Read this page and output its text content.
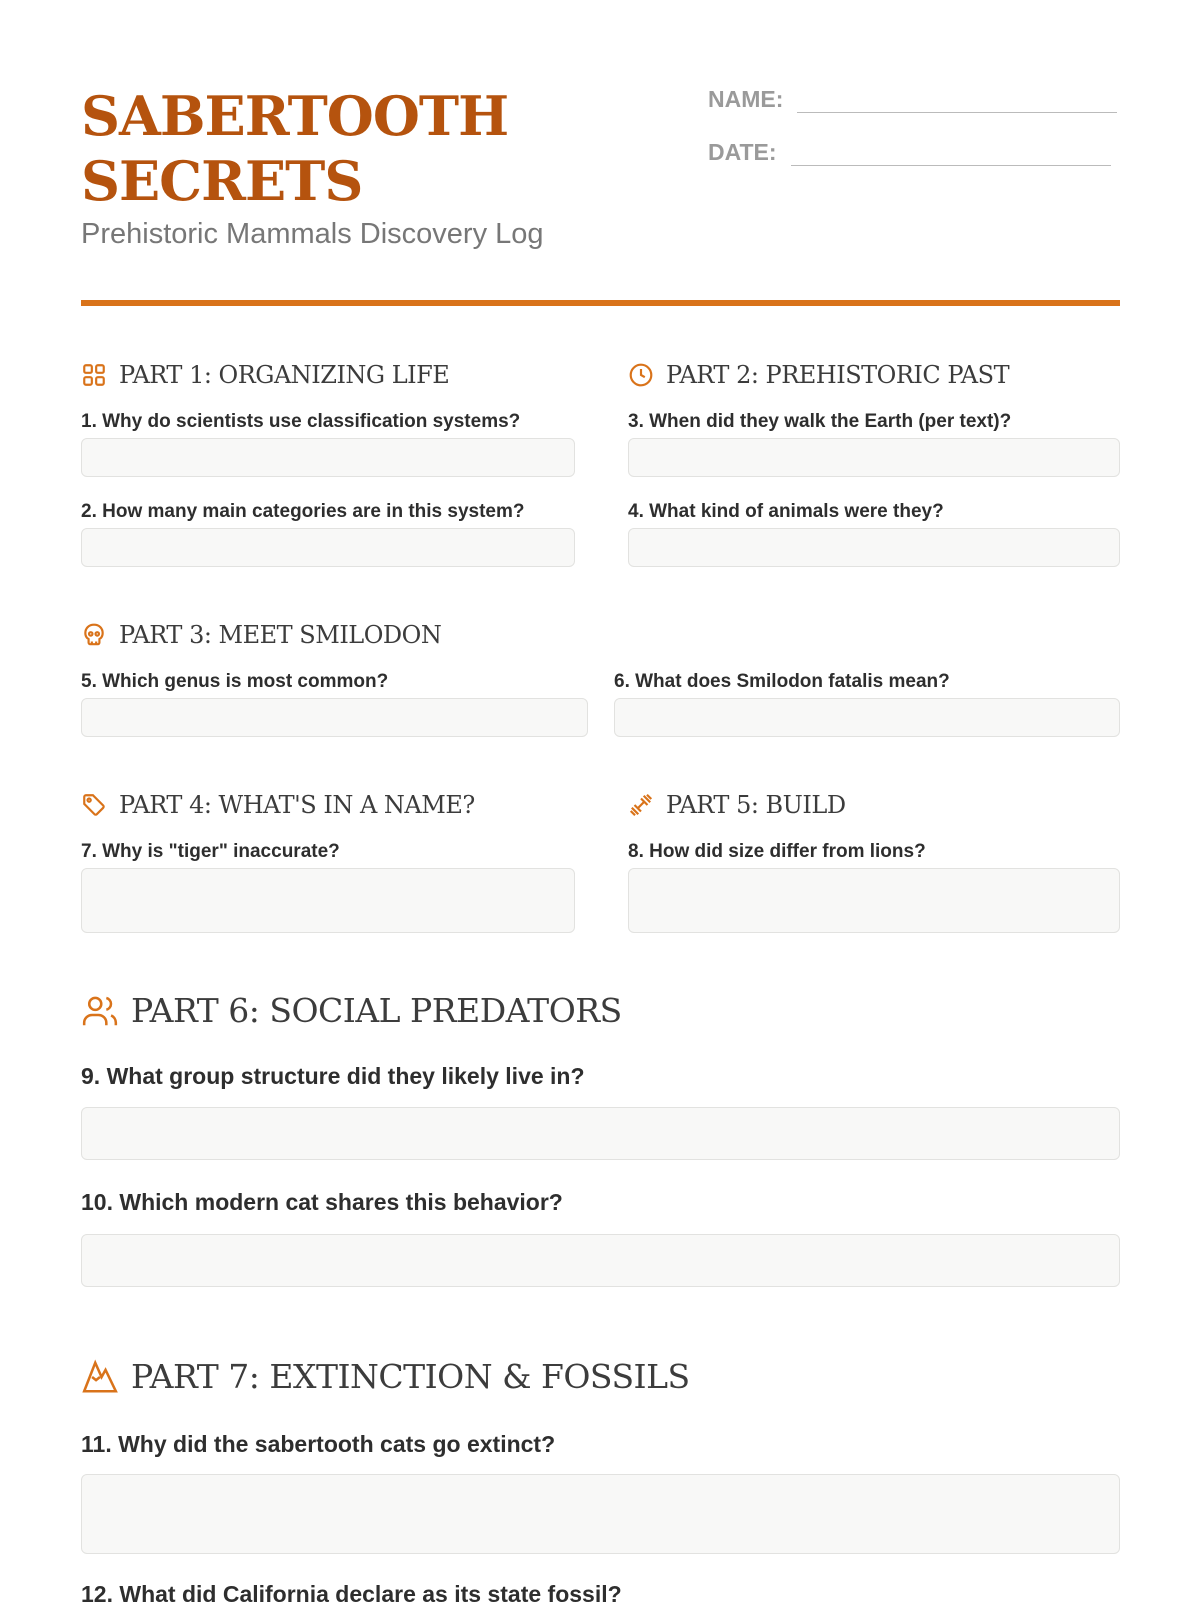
SABERTOOTH
SECRETS
Prehistoric Mammals Discovery Log
NAME:
DATE:
PART 1: ORGANIZING LIFE
1. Why do scientists use classification systems?
2. How many main categories are in this system?
PART 2: PREHISTORIC PAST
3. When did they walk the Earth (per text)?
4. What kind of animals were they?
PART 3: MEET SMILODON
5. Which genus is most common?	6. What does Smilodon fatalis mean?
PART 4: WHAT'S IN A NAME?
7. Why is "tiger" inaccurate?
PART 5: BUILD
8. How did size differ from lions?
PART 6: SOCIAL PREDATORS
9. What group structure did they likely live in?
10. Which modern cat shares this behavior?
PART 7: EXTINCTION & FOSSILS
11. Why did the sabertooth cats go extinct?
12. What did California declare as its state fossil?
